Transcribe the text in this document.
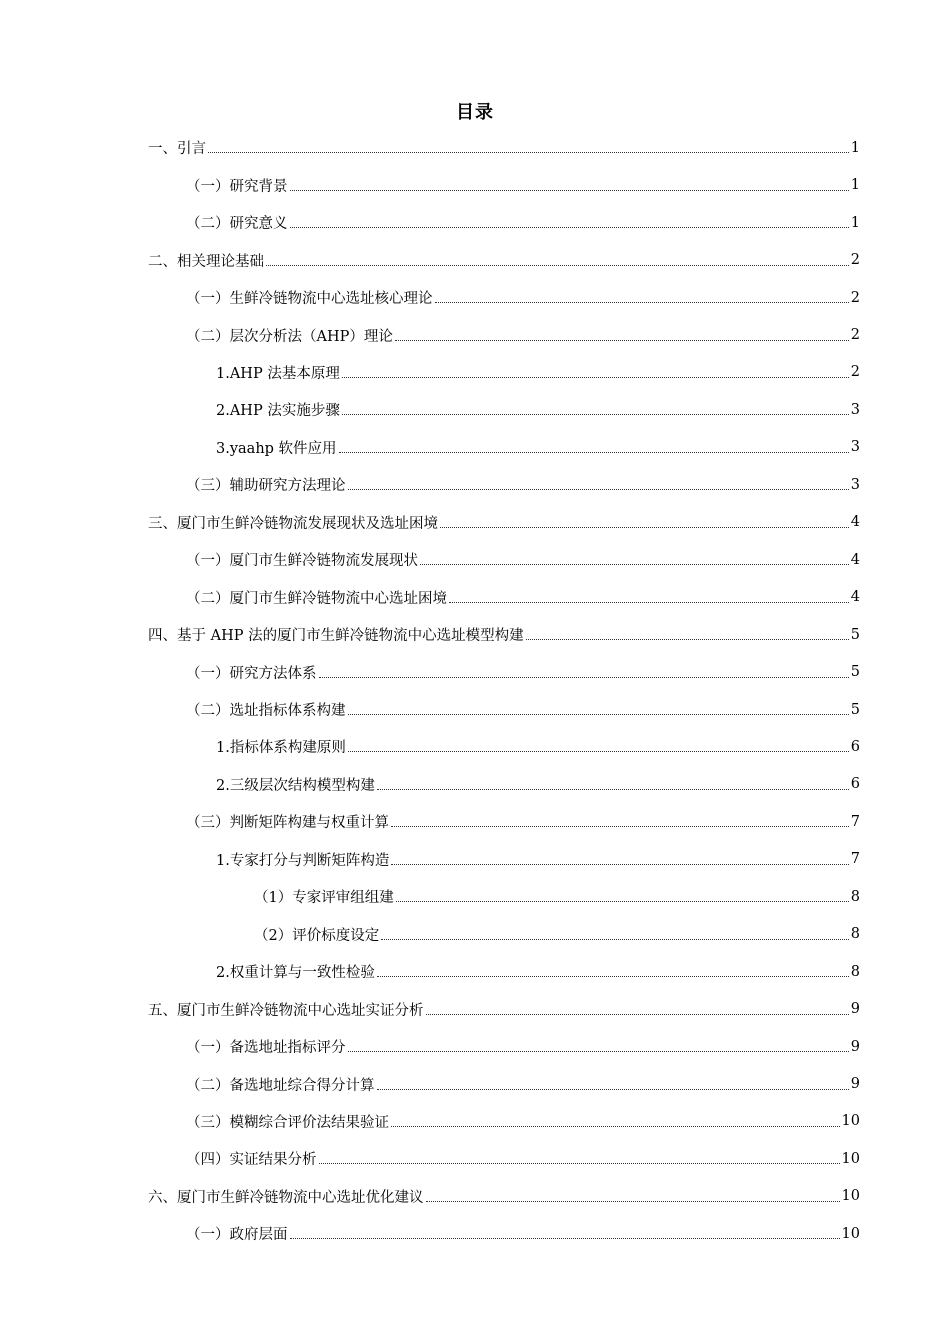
目录
一、引言	1
（一）研究背景	1
（二）研究意义	1
二、相关理论基础	2
（一）生鲜冷链物流中心选址核心理论	2
（二）层次分析法（AHP）理论	2
1.AHP 法基本原理	2
2.AHP 法实施步骤	3
3.yaahp 软件应用	3
（三）辅助研究方法理论	3
三、厦门市生鲜冷链物流发展现状及选址困境	4
（一）厦门市生鲜冷链物流发展现状	4
（二）厦门市生鲜冷链物流中心选址困境	4
四、基于 AHP 法的厦门市生鲜冷链物流中心选址模型构建	5
（一）研究方法体系	5
（二）选址指标体系构建	5
1.指标体系构建原则	6
2.三级层次结构模型构建	6
（三）判断矩阵构建与权重计算	7
1.专家打分与判断矩阵构造	7
（1）专家评审组组建	8
（2）评价标度设定	8
2.权重计算与一致性检验	8
五、厦门市生鲜冷链物流中心选址实证分析	9
（一）备选地址指标评分	9
（二）备选地址综合得分计算	9
（三）模糊综合评价法结果验证	10
（四）实证结果分析	10
六、厦门市生鲜冷链物流中心选址优化建议	10
（一）政府层面	10
